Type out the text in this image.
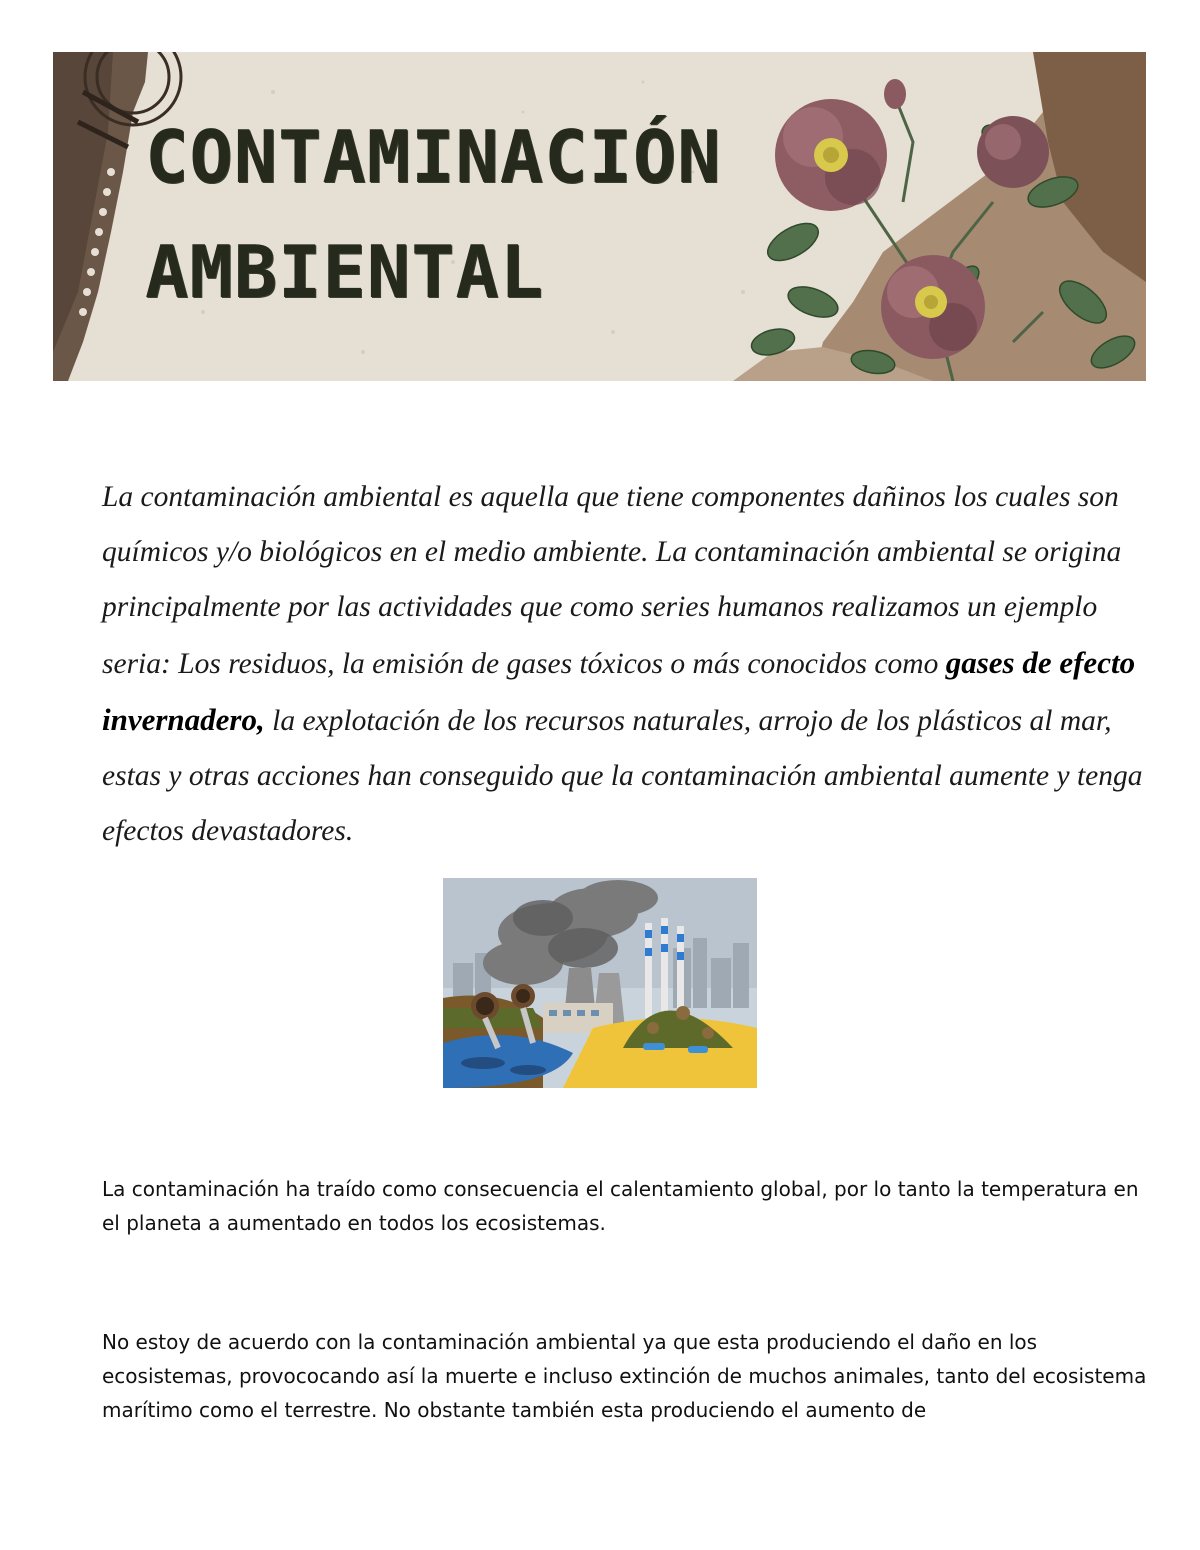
CONTAMINACIÓN
AMBIENTAL

La contaminación ambiental es aquella que tiene componentes dañinos los cuales son químicos y/o biológicos en el medio ambiente. La contaminación ambiental se origina principalmente por las actividades que como series humanos realizamos un ejemplo seria: Los residuos, la emisión de gases tóxicos o más conocidos como gases de efecto invernadero, la explotación de los recursos naturales, arrojo de los plásticos al mar, estas y otras acciones han conseguido que la contaminación ambiental aumente y tenga efectos devastadores.

La contaminación ha traído como consecuencia el calentamiento global, por lo tanto la temperatura en el planeta a aumentado en todos los ecosistemas.

No estoy de acuerdo con la contaminación ambiental ya que esta produciendo el daño en los ecosistemas, provococando así la muerte e incluso extinción de muchos animales, tanto del ecosistema marítimo como el terrestre. No obstante también esta produciendo el aumento de
